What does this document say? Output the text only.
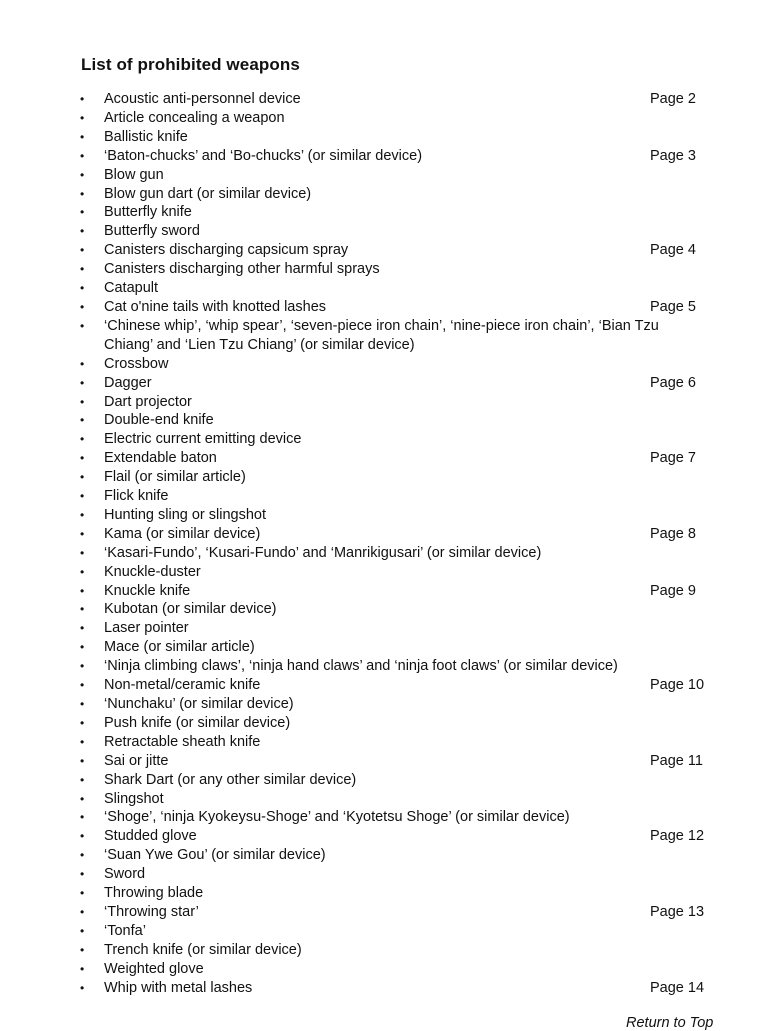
List of prohibited weapons
• Acoustic anti-personnel device	Page 2
• Article concealing a weapon
• Ballistic knife
• ‘Baton-chucks’ and ‘Bo-chucks’ (or similar device)	Page 3
• Blow gun
• Blow gun dart (or similar device)
• Butterfly knife
• Butterfly sword
• Canisters discharging capsicum spray	Page 4
• Canisters discharging other harmful sprays
• Catapult
• Cat o'nine tails with knotted lashes	Page 5
• ‘Chinese whip’, ‘whip spear’, ‘seven-piece iron chain’, ‘nine-piece iron chain’, ‘Bian Tzu Chiang’ and ‘Lien Tzu Chiang’ (or similar device)
• Crossbow
• Dagger	Page 6
• Dart projector
• Double-end knife
• Electric current emitting device
• Extendable baton	Page 7
• Flail (or similar article)
• Flick knife
• Hunting sling or slingshot
• Kama (or similar device)	Page 8
• ‘Kasari-Fundo’, ‘Kusari-Fundo’ and ‘Manrikigusari’ (or similar device)
• Knuckle-duster
• Knuckle knife	Page 9
• Kubotan (or similar device)
• Laser pointer
• Mace (or similar article)
• ‘Ninja climbing claws’, ‘ninja hand claws’ and ‘ninja foot claws’ (or similar device)
• Non-metal/ceramic knife	Page 10
• ‘Nunchaku’ (or similar device)
• Push knife (or similar device)
• Retractable sheath knife
• Sai or jitte	Page 11
• Shark Dart (or any other similar device)
• Slingshot
• ‘Shoge’, ‘ninja Kyokeysu-Shoge’ and ‘Kyotetsu Shoge’ (or similar device)
• Studded glove	Page 12
• ‘Suan Ywe Gou’ (or similar device)
• Sword
• Throwing blade
• ‘Throwing star’	Page 13
• ‘Tonfa’
• Trench knife (or similar device)
• Weighted glove
• Whip with metal lashes	Page 14
Return to Top
